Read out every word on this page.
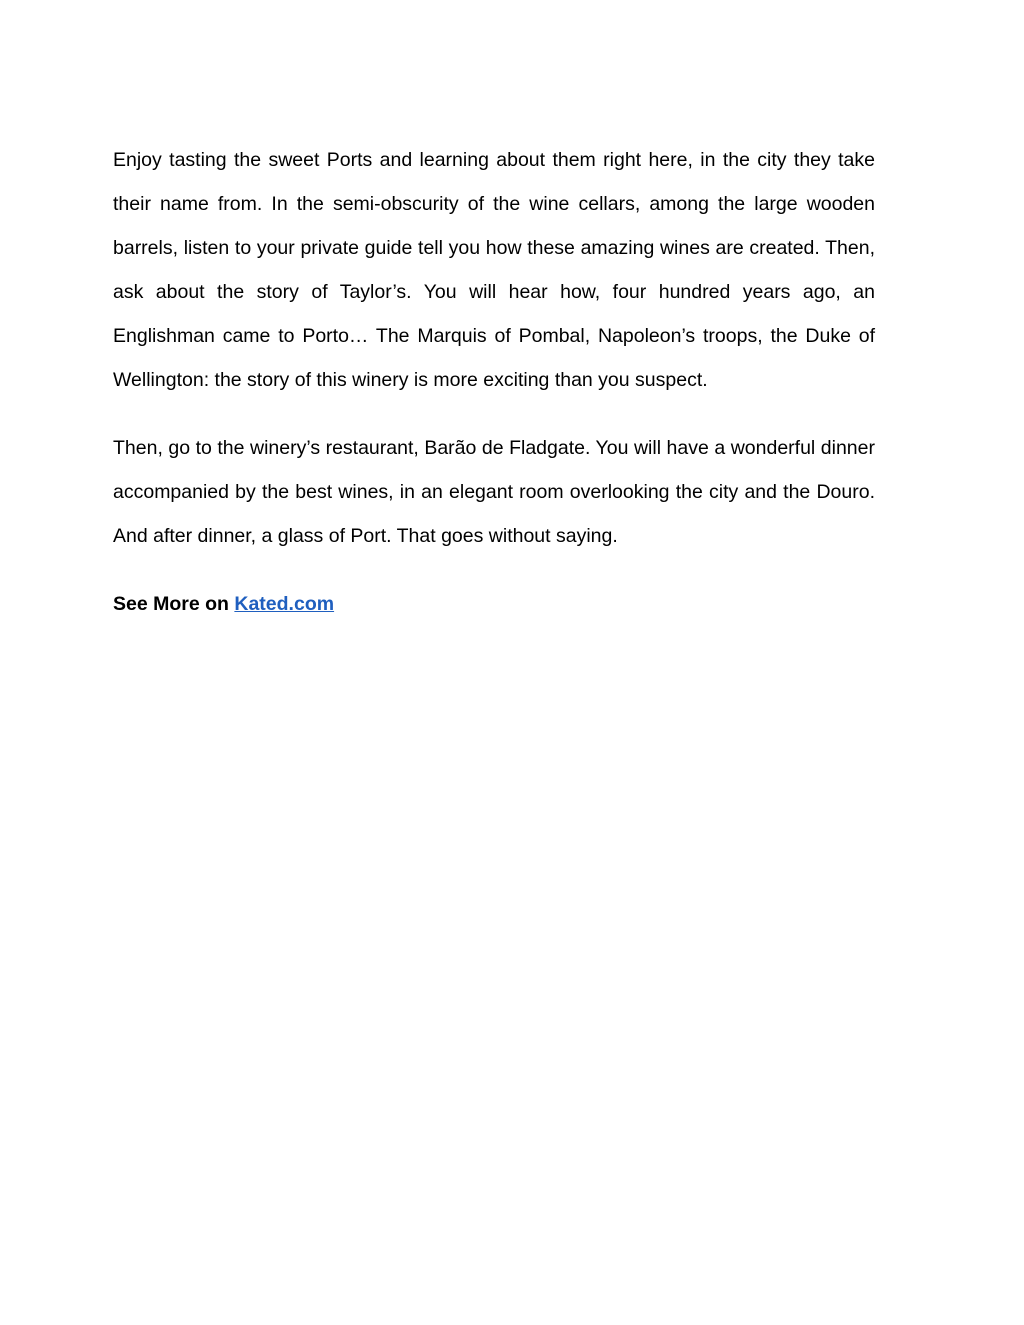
Enjoy tasting the sweet Ports and learning about them right here, in the city they take their name from. In the semi-obscurity of the wine cellars, among the large wooden barrels, listen to your private guide tell you how these amazing wines are created. Then, ask about the story of Taylor’s. You will hear how, four hundred years ago, an Englishman came to Porto… The Marquis of Pombal, Napoleon’s troops, the Duke of Wellington: the story of this winery is more exciting than you suspect.

Then, go to the winery’s restaurant, Barão de Fladgate. You will have a wonderful dinner accompanied by the best wines, in an elegant room overlooking the city and the Douro. And after dinner, a glass of Port. That goes without saying.

See More on Kated.com
